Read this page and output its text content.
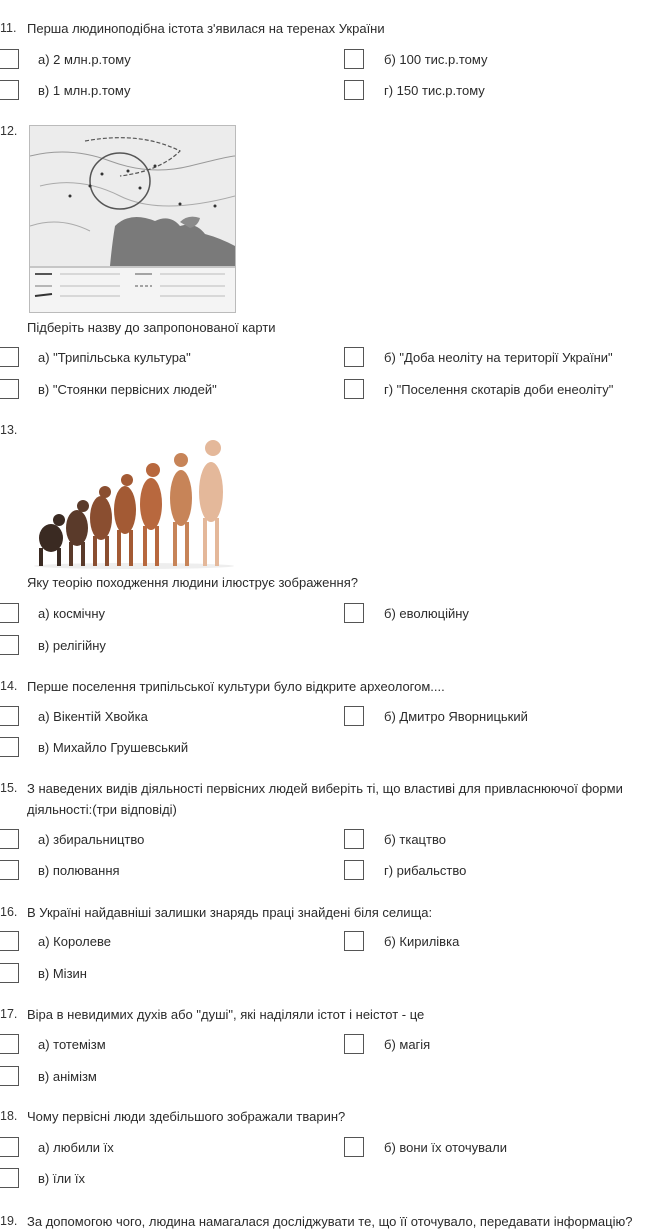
11. Перша людиноподібна істота з'явилася на теренах України
а) 2 млн.р.тому	б) 100 тис.р.тому
в) 1 млн.р.тому	г) 150 тис.р.тому
12.
Підберіть назву до запропонованої карти
а) "Трипільська культура"	б) "Доба неоліту на території України"
в) "Стоянки первісних людей"	г) "Поселення скотарів доби енеоліту"
13.
Яку теорію походження людини ілюструє зображення?
а) космічну	б) еволюційну
в) релігійну
14. Перше поселення трипільської культури було відкрите археологом....
а) Вікентій Хвойка	б) Дмитро Яворницький
в) Михайло Грушевський
15. З наведених видів діяльності первісних людей виберіть ті, що властиві для привласнюючої форми діяльності:(три відповіді)
а) збиральництво	б) ткацтво
в) полювання	г) рибальство
16. В Україні найдавніші залишки знарядь праці знайдені біля селища:
а) Королеве	б) Кирилівка
в) Мізин
17. Віра в невидимих духів або "душі", які наділяли істот і неістот - це
а) тотемізм	б) магія
в) анімізм
18. Чому первісні люди здебільшого зображали тварин?
а) любили їх	б) вони їх оточували
в) їли їх
19. За допомогою чого, людина намагалася досліджувати те, що її оточувало, передавати інформацію?
